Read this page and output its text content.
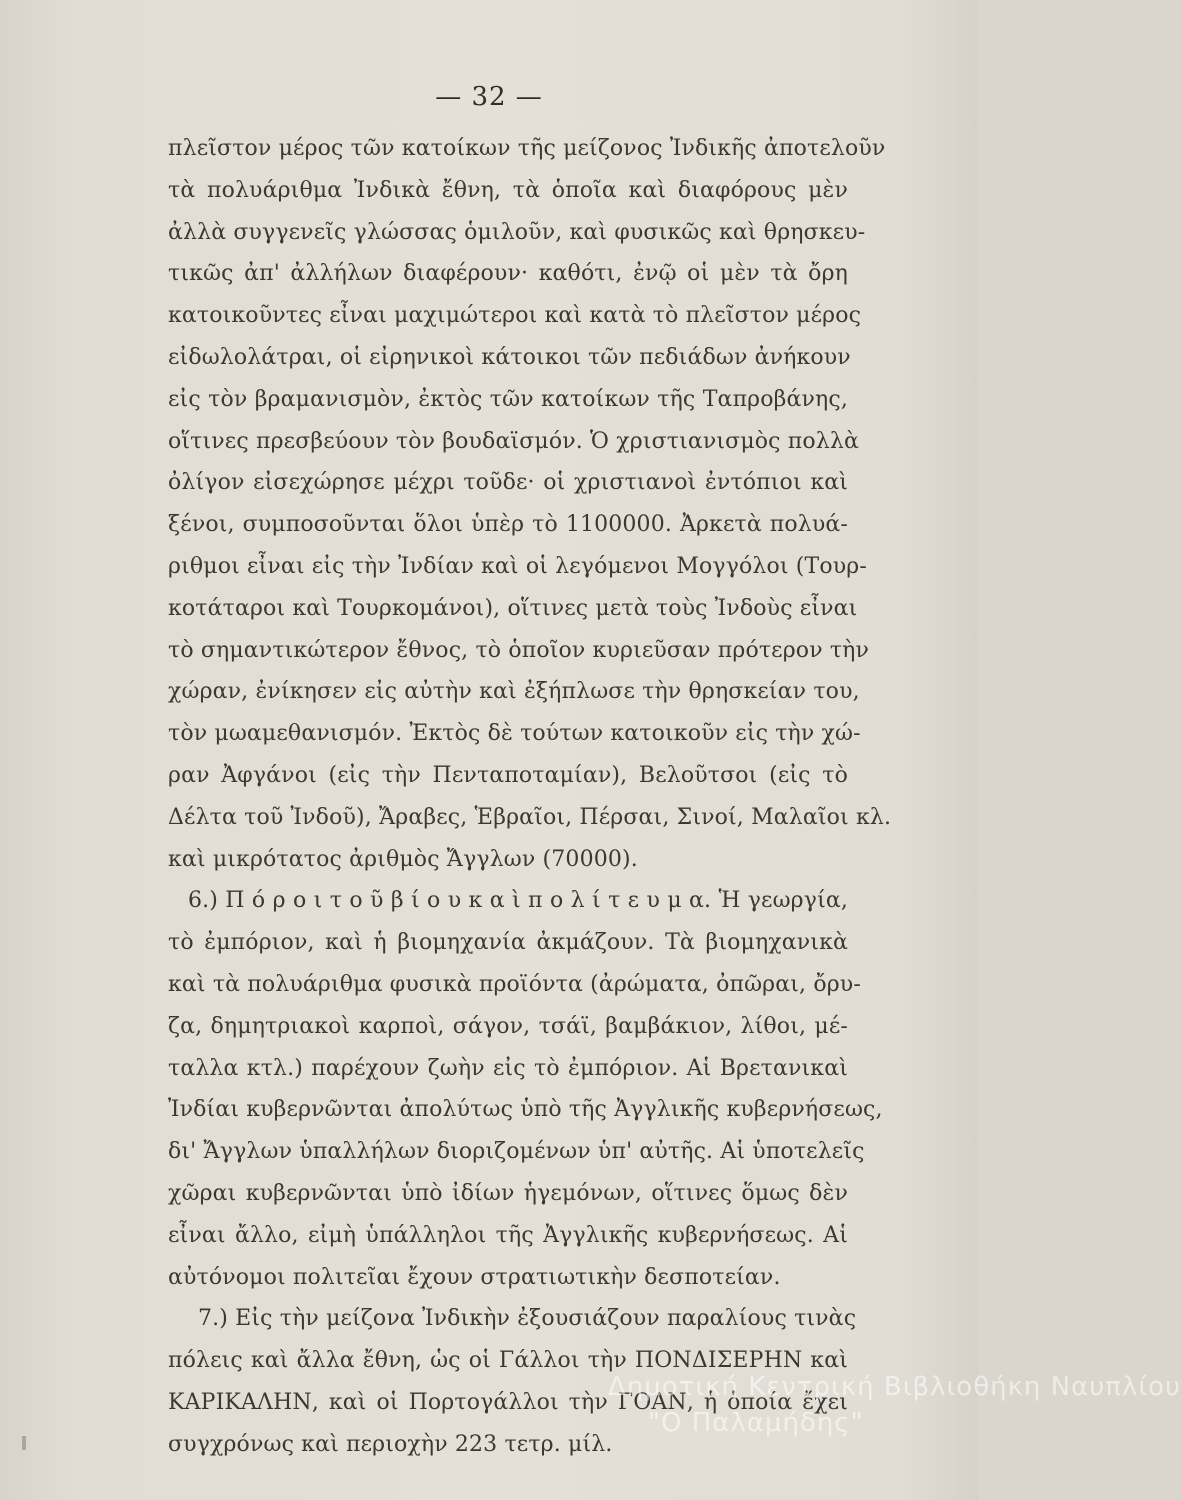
— 32 —
πλεῖστον μέρος τῶν κατοίκων τῆς μείζονος Ἰνδικῆς ἀποτελοῦν
τὰ πολυάριθμα Ἰνδικὰ ἔθνη, τὰ ὁποῖα καὶ διαφόρους μὲν
ἀλλὰ συγγενεῖς γλώσσας ὁμιλοῦν, καὶ φυσικῶς καὶ θρησκευ-
τικῶς ἀπ' ἀλλήλων διαφέρουν· καθότι, ἐνῷ οἱ μὲν τὰ ὄρη
κατοικοῦντες εἶναι μαχιμώτεροι καὶ κατὰ τὸ πλεῖστον μέρος
εἰδωλολάτραι, οἱ εἰρηνικοὶ κάτοικοι τῶν πεδιάδων ἀνήκουν
εἰς τὸν βραμανισμὸν, ἐκτὸς τῶν κατοίκων τῆς Ταπροβάνης,
οἵτινες πρεσβεύουν τὸν βουδαϊσμόν. Ὁ χριστιανισμὸς πολλὰ
ὀλίγον εἰσεχώρησε μέχρι τοῦδε· οἱ χριστιανοὶ ἐντόπιοι καὶ
ξένοι, συμποσοῦνται ὅλοι ὑπὲρ τὸ 1100000. Ἀρκετὰ πολυά-
ριθμοι εἶναι εἰς τὴν Ἰνδίαν καὶ οἱ λεγόμενοι Μογγόλοι (Τουρ-
κοτάταροι καὶ Τουρκομάνοι), οἵτινες μετὰ τοὺς Ἰνδοὺς εἶναι
τὸ σημαντικώτερον ἔθνος, τὸ ὁποῖον κυριεῦσαν πρότερον τὴν
χώραν, ἐνίκησεν εἰς αὐτὴν καὶ ἐξήπλωσε τὴν θρησκείαν του,
τὸν μωαμεθανισμόν. Ἐκτὸς δὲ τούτων κατοικοῦν εἰς τὴν χώ-
ραν Ἀφγάνοι (εἰς τὴν Πενταποταμίαν), Βελοῦτσοι (εἰς τὸ
Δέλτα τοῦ Ἰνδοῦ), Ἄραβες, Ἑβραῖοι, Πέρσαι, Σινοί, Μαλαῖοι κλ.
καὶ μικρότατος ἀριθμὸς Ἄγγλων (70000).
6.) Π ό ρ ο ι τ ο ῦ β ί ο υ κ α ὶ π ο λ ί τ ε υ μ α. Ἡ γεωργία,
τὸ ἐμπόριον, καὶ ἡ βιομηχανία ἀκμάζουν. Τὰ βιομηχανικὰ
καὶ τὰ πολυάριθμα φυσικὰ προϊόντα (ἀρώματα, ὀπῶραι, ὄρυ-
ζα, δημητριακοὶ καρποὶ, σάγον, τσάϊ, βαμβάκιον, λίθοι, μέ-
ταλλα κτλ.) παρέχουν ζωὴν εἰς τὸ ἐμπόριον. Αἱ Βρετανικαὶ
Ἰνδίαι κυβερνῶνται ἀπολύτως ὑπὸ τῆς Ἀγγλικῆς κυβερνήσεως,
δι' Ἄγγλων ὑπαλλήλων διοριζομένων ὑπ' αὐτῆς. Αἱ ὑποτελεῖς
χῶραι κυβερνῶνται ὑπὸ ἰδίων ἡγεμόνων, οἵτινες ὅμως δὲν
εἶναι ἄλλο, εἰμὴ ὑπάλληλοι τῆς Ἀγγλικῆς κυβερνήσεως. Αἱ
αὐτόνομοι πολιτεῖαι ἔχουν στρατιωτικὴν δεσποτείαν.
7.) Εἰς τὴν μείζονα Ἰνδικὴν ἐξουσιάζουν παραλίους τινὰς
πόλεις καὶ ἄλλα ἔθνη, ὡς οἱ Γάλλοι τὴν ΠΟΝΔΙΣΕΡΗΝ καὶ
ΚΑΡΙΚΑΛΗΝ, καὶ οἱ Πορτογάλλοι τὴν ΓΟΑΝ, ἡ ὁποία ἔχει
συγχρόνως καὶ περιοχὴν 223 τετρ. μίλ.
Δημοτική Κεντρική Βιβλιοθήκη Ναυπλίου
"Ο Παλαμήδης"
